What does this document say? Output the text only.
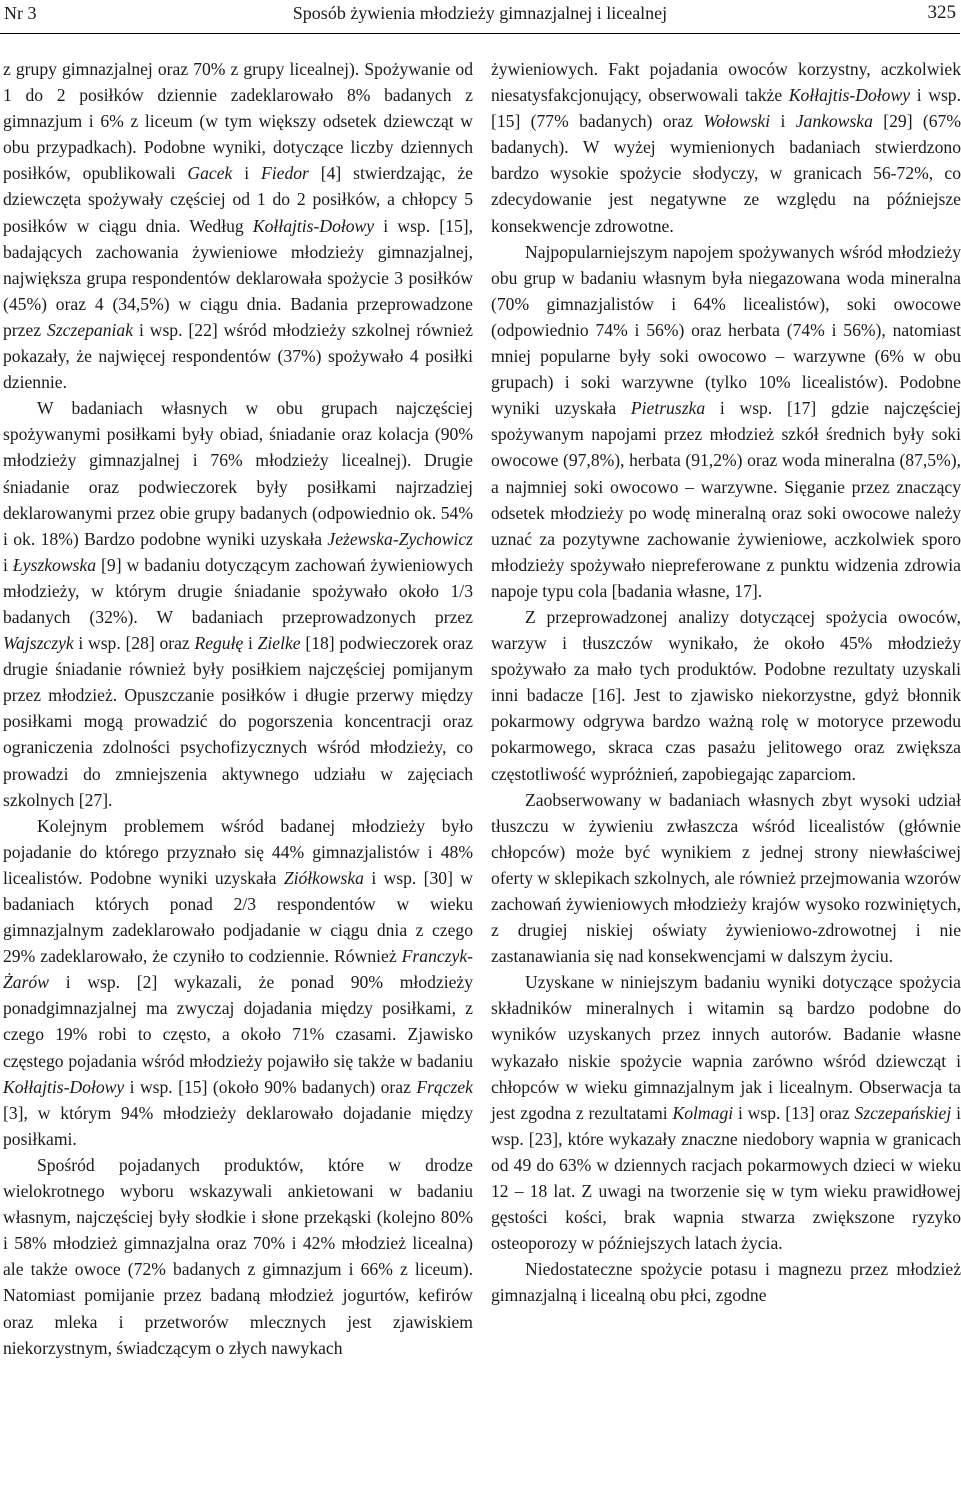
Nr 3	Sposób żywienia młodzieży gimnazjalnej i licealnej	325

z grupy gimnazjalnej oraz 70% z grupy licealnej). Spożywanie od 1 do 2 posiłków dziennie zadeklarowało 8% badanych z gimnazjum i 6% z liceum (w tym większy odsetek dziewcząt w obu przypadkach). Podobne wyniki, dotyczące liczby dziennych posiłków, opublikowali Gacek i Fiedor [4] stwierdzając, że dziewczęta spożywały częściej od 1 do 2 posiłków, a chłopcy 5 posiłków w ciągu dnia. Według Kołłajtis-Dołowy i wsp. [15], badających zachowania żywieniowe młodzieży gimnazjalnej, największa grupa respondentów deklarowała spożycie 3 posiłków (45%) oraz 4 (34,5%) w ciągu dnia. Badania przeprowadzone przez Szczepaniak i wsp. [22] wśród młodzieży szkolnej również pokazały, że najwięcej respondentów (37%) spożywało 4 posiłki dziennie.

W badaniach własnych w obu grupach najczęściej spożywanymi posiłkami były obiad, śniadanie oraz kolacja (90% młodzieży gimnazjalnej i 76% młodzieży licealnej). Drugie śniadanie oraz podwieczorek były posiłkami najrzadziej deklarowanymi przez obie grupy badanych (odpowiednio ok. 54% i ok. 18%) Bardzo podobne wyniki uzyskała Jeżewska-Zychowicz i Łyszkowska [9] w badaniu dotyczącym zachowań żywieniowych młodzieży, w którym drugie śniadanie spożywało około 1/3 badanych (32%). W badaniach przeprowadzonych przez Wajszczyk i wsp. [28] oraz Regułę i Zielke [18] podwieczorek oraz drugie śniadanie również były posiłkiem najczęściej pomijanym przez młodzież. Opuszczanie posiłków i długie przerwy między posiłkami mogą prowadzić do pogorszenia koncentracji oraz ograniczenia zdolności psychofizycznych wśród młodzieży, co prowadzi do zmniejszenia aktywnego udziału w zajęciach szkolnych [27].

Kolejnym problemem wśród badanej młodzieży było pojadanie do którego przyznało się 44% gimnazjalistów i 48% licealistów. Podobne wyniki uzyskała Ziółkowska i wsp. [30] w badaniach których ponad 2/3 respondentów w wieku gimnazjalnym zadeklarowało podjadanie w ciągu dnia z czego 29% zadeklarowało, że czyniło to codziennie. Również Franczyk-Żarów i wsp. [2] wykazali, że ponad 90% młodzieży ponadgimnazjalnej ma zwyczaj dojadania między posiłkami, z czego 19% robi to często, a około 71% czasami. Zjawisko częstego pojadania wśród młodzieży pojawiło się także w badaniu Kołłajtis-Dołowy i wsp. [15] (około 90% badanych) oraz Frączek [3], w którym 94% młodzieży deklarowało dojadanie między posiłkami.

Spośród pojadanych produktów, które w drodze wielokrotnego wyboru wskazywali ankietowani w badaniu własnym, najczęściej były słodkie i słone przekąski (kolejno 80% i 58% młodzież gimnazjalna oraz 70% i 42% młodzież licealna) ale także owoce (72% badanych z gimnazjum i 66% z liceum). Natomiast pomijanie przez badaną młodzież jogurtów, kefirów oraz mleka i przetworów mlecznych jest zjawiskiem niekorzystnym, świadczącym o złych nawykach

żywieniowych. Fakt pojadania owoców korzystny, aczkolwiek niesatysfakcjonujący, obserwowali także Kołłajtis-Dołowy i wsp. [15] (77% badanych) oraz Wołowski i Jankowska [29] (67% badanych). W wyżej wymienionych badaniach stwierdzono bardzo wysokie spożycie słodyczy, w granicach 56-72%, co zdecydowanie jest negatywne ze względu na późniejsze konsekwencje zdrowotne.

Najpopularniejszym napojem spożywanych wśród młodzieży obu grup w badaniu własnym była niegazowana woda mineralna (70% gimnazjalistów i 64% licealistów), soki owocowe (odpowiednio 74% i 56%) oraz herbata (74% i 56%), natomiast mniej popularne były soki owocowo – warzywne (6% w obu grupach) i soki warzywne (tylko 10% licealistów). Podobne wyniki uzyskała Pietruszka i wsp. [17] gdzie najczęściej spożywanym napojami przez młodzież szkół średnich były soki owocowe (97,8%), herbata (91,2%) oraz woda mineralna (87,5%), a najmniej soki owocowo – warzywne. Sięganie przez znaczący odsetek młodzieży po wodę mineralną oraz soki owocowe należy uznać za pozytywne zachowanie żywieniowe, aczkolwiek sporo młodzieży spożywało niepreferowane z punktu widzenia zdrowia napoje typu cola [badania własne, 17].

Z przeprowadzonej analizy dotyczącej spożycia owoców, warzyw i tłuszczów wynikało, że około 45% młodzieży spożywało za mało tych produktów. Podobne rezultaty uzyskali inni badacze [16]. Jest to zjawisko niekorzystne, gdyż błonnik pokarmowy odgrywa bardzo ważną rolę w motoryce przewodu pokarmowego, skraca czas pasażu jelitowego oraz zwiększa częstotliwość wypróżnień, zapobiegając zaparciom.

Zaobserwowany w badaniach własnych zbyt wysoki udział tłuszczu w żywieniu zwłaszcza wśród licealistów (głównie chłopców) może być wynikiem z jednej strony niewłaściwej oferty w sklepikach szkolnych, ale również przejmowania wzorów zachowań żywieniowych młodzieży krajów wysoko rozwiniętych, z drugiej niskiej oświaty żywieniowo-zdrowotnej i nie zastanawiania się nad konsekwencjami w dalszym życiu.

Uzyskane w niniejszym badaniu wyniki dotyczące spożycia składników mineralnych i witamin są bardzo podobne do wyników uzyskanych przez innych autorów. Badanie własne wykazało niskie spożycie wapnia zarówno wśród dziewcząt i chłopców w wieku gimnazjalnym jak i licealnym. Obserwacja ta jest zgodna z rezultatami Kolmagi i wsp. [13] oraz Szczepańskiej i wsp. [23], które wykazały znaczne niedobory wapnia w granicach od 49 do 63% w dziennych racjach pokarmowych dzieci w wieku 12 – 18 lat. Z uwagi na tworzenie się w tym wieku prawidłowej gęstości kości, brak wapnia stwarza zwiększone ryzyko osteoporozy w późniejszych latach życia.

Niedostateczne spożycie potasu i magnezu przez młodzież gimnazjalną i licealną obu płci, zgodne
